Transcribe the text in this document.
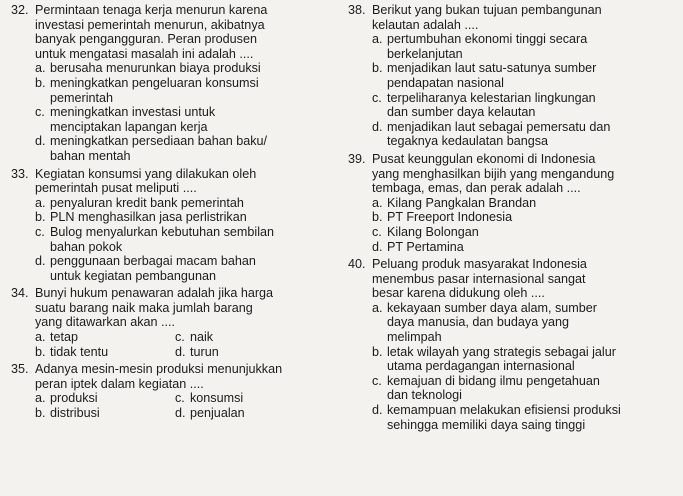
32. Permintaan tenaga kerja menurun karena
investasi pemerintah menurun, akibatnya
banyak pengangguran. Peran produsen
untuk mengatasi masalah ini adalah ....
a. berusaha menurunkan biaya produksi
b. meningkatkan pengeluaran konsumsi
pemerintah
c. meningkatkan investasi untuk
menciptakan lapangan kerja
d. meningkatkan persediaan bahan baku/
bahan mentah
33. Kegiatan konsumsi yang dilakukan oleh
pemerintah pusat meliputi ....
a. penyaluran kredit bank pemerintah
b. PLN menghasilkan jasa perlistrikan
c. Bulog menyalurkan kebutuhan sembilan
bahan pokok
d. penggunaan berbagai macam bahan
untuk kegiatan pembangunan
34. Bunyi hukum penawaran adalah jika harga
suatu barang naik maka jumlah barang
yang ditawarkan akan ....
a. tetap	c. naik
b. tidak tentu	d. turun
35. Adanya mesin-mesin produksi menunjukkan
peran iptek dalam kegiatan ....
a. produksi	c. konsumsi
b. distribusi	d. penjualan
38. Berikut yang bukan tujuan pembangunan
kelautan adalah ....
a. pertumbuhan ekonomi tinggi secara
berkelanjutan
b. menjadikan laut satu-satunya sumber
pendapatan nasional
c. terpeliharanya kelestarian lingkungan
dan sumber daya kelautan
d. menjadikan laut sebagai pemersatu dan
tegaknya kedaulatan bangsa
39. Pusat keunggulan ekonomi di Indonesia
yang menghasilkan bijih yang mengandung
tembaga, emas, dan perak adalah ....
a. Kilang Pangkalan Brandan
b. PT Freeport Indonesia
c. Kilang Bolongan
d. PT Pertamina
40. Peluang produk masyarakat Indonesia
menembus pasar internasional sangat
besar karena didukung oleh ....
a. kekayaan sumber daya alam, sumber
daya manusia, dan budaya yang
melimpah
b. letak wilayah yang strategis sebagai jalur
utama perdagangan internasional
c. kemajuan di bidang ilmu pengetahuan
dan teknologi
d. kemampuan melakukan efisiensi produksi
sehingga memiliki daya saing tinggi
